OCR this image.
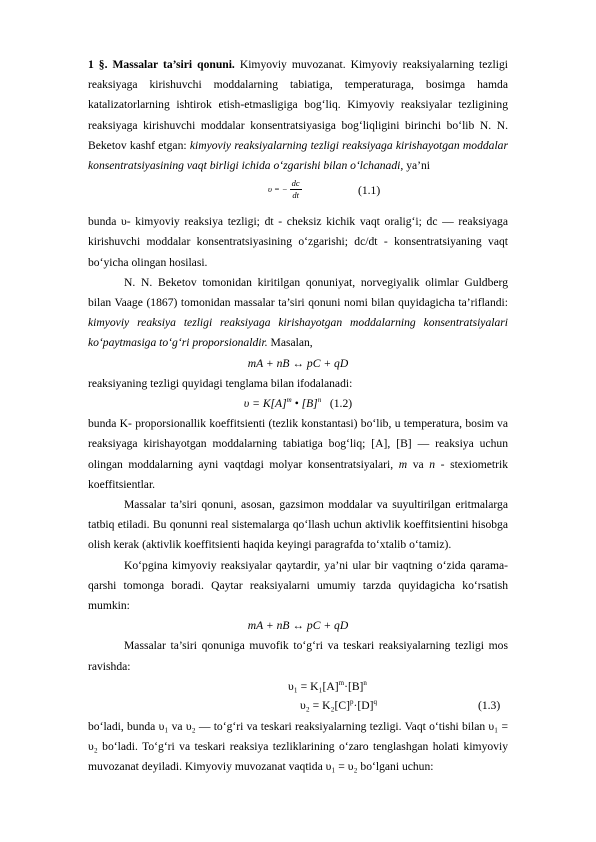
1 §. Massalar ta’siri qonuni. Kimyoviy muvozanat. Kimyoviy reaksiyalarning tezligi reaksiyaga kirishuvchi moddalarning tabiatiga, temperaturaga, bosimga hamda katalizatorlarning ishtirok etish-etmasligiga bog‘liq. Kimyoviy reaksiyalar tezligining reaksiyaga kirishuvchi moddalar konsentratsiyasiga bog‘liqligini birinchi bo‘lib N. N. Beketov kashf etgan: kimyoviy reaksiyalarning tezligi reaksiyaga kirishayotgan moddalar konsentratsiyasining vaqt birligi ichida o‘zgarishi bilan o‘lchanadi, ya’ni

υ = − $\frac{dc}{dt}$	(1.1)

bunda υ- kimyoviy reaksiya tezligi; dt - cheksiz kichik vaqt oralig‘i; dc — reaksiyaga kirishuvchi moddalar konsentratsiyasining o‘zgarishi; dc/dt - konsentratsiyaning vaqt bo‘yicha olingan hosilasi.

N. N. Beketov tomonidan kiritilgan qonuniyat, norvegiyalik olimlar Guldberg bilan Vaage (1867) tomonidan massalar ta’siri qonuni nomi bilan quyidagicha ta’riflandi: kimyoviy reaksiya tezligi reaksiyaga kirishayotgan moddalarning konsentratsiyalari ko‘paytmasiga to‘g‘ri proporsionaldir. Masalan,

mA + nB ↔ pC + qD

reaksiyaning tezligi quyidagi tenglama bilan ifodalanadi:

$\upsilon = K[A]^m$ • $[B]^n$ (1.2)

bunda K- proporsionallik koeffitsienti (tezlik konstantasi) bo‘lib, u temperatura, bosim va reaksiyaga kirishayotgan moddalarning tabiatiga bog‘liq; [A], [B] — reaksiya uchun olingan moddalarning ayni vaqtdagi molyar konsentratsiyalari, m va n - stexiometrik koeffitsientlar.

Massalar ta’siri qonuni, asosan, gazsimon moddalar va suyultirilgan eritmalarga tatbiq etiladi. Bu qonunni real sistemalarga qo‘llash uchun aktivlik koeffitsientini hisobga olish kerak (aktivlik koeffitsienti haqida keyingi paragrafda to‘xtalib o‘tamiz).

Ko‘pgina kimyoviy reaksiyalar qaytardir, ya’ni ular bir vaqtning o‘zida qarama-qarshi tomonga boradi. Qaytar reaksiyalarni umumiy tarzda quyidagicha ko‘rsatish mumkin:

mA + nB ↔ pC + qD

Massalar ta’siri qonuniga muvofik to‘g‘ri va teskari reaksiyalarning tezligi mos ravishda:

$\upsilon_1 = K_1[A]^m\cdot[B]^n$
$\upsilon_2 = K_2[C]^p\cdot[D]^q$	(1.3)

bo‘ladi, bunda υ₁ va υ₂ — to‘g‘ri va teskari reaksiyalarning tezligi. Vaqt o‘tishi bilan υ₁ = υ₂ bo‘ladi. To‘g‘ri va teskari reaksiya tezliklarining o‘zaro tenglashgan holati kimyoviy muvozanat deyiladi. Kimyoviy muvozanat vaqtida υ₁ = υ₂ bo‘lgani uchun:
